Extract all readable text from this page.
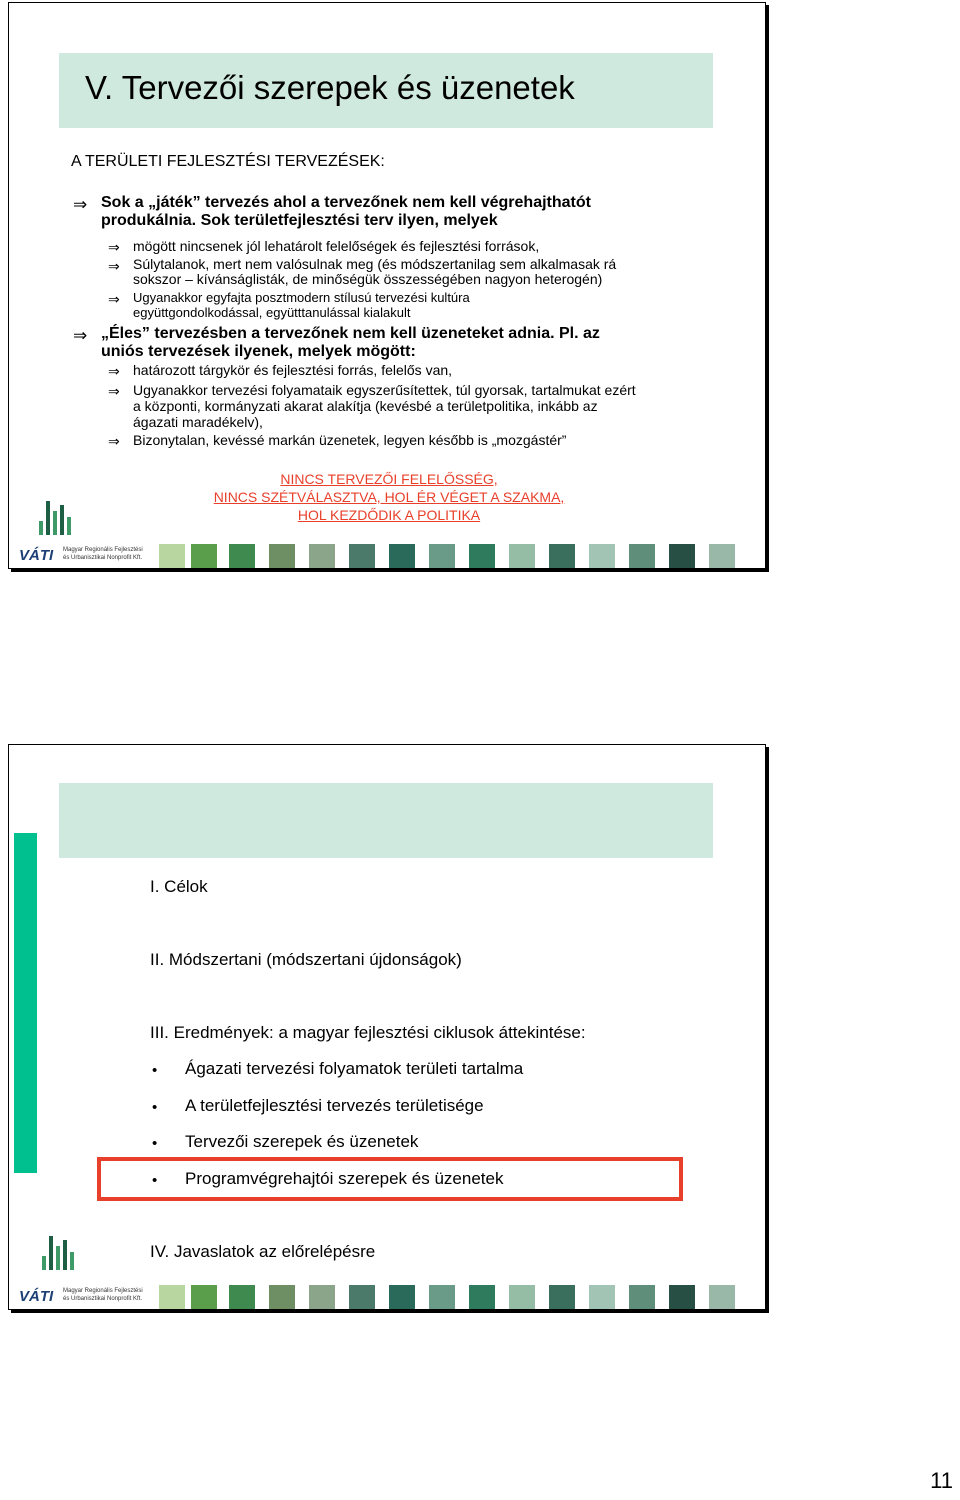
V. Tervezői szerepek és üzenetek
A TERÜLETI FEJLESZTÉSI TERVEZÉSEK:
⇒ Sok a „játék” tervezés ahol a tervezőnek nem kell végrehajthatót
produkálnia. Sok területfejlesztési terv ilyen, melyek
⇒ mögött nincsenek jól lehatárolt felelőségek és fejlesztési források,
⇒ Súlytalanok, mert nem valósulnak meg (és módszertanilag sem alkalmasak rá
sokszor – kívánságlisták, de minőségük összességében nagyon heterogén)
⇒ Ugyanakkor egyfajta posztmodern stílusú tervezési kultúra
együttgondolkodással, együtttanulással kialakult
⇒ „Éles” tervezésben a tervezőnek nem kell üzeneteket adnia. Pl. az
uniós tervezések ilyenek, melyek mögött:
⇒ határozott tárgykör és fejlesztési forrás, felelős van,
⇒ Ugyanakkor tervezési folyamataik egyszerűsítettek, túl gyorsak, tartalmukat ezért
a központi, kormányzati akarat alakítja (kevésbé a területpolitika, inkább az
ágazati maradékelv),
⇒ Bizonytalan, kevéssé markán üzenetek, legyen később is „mozgástér”
NINCS TERVEZŐI FELELŐSSÉG,
NINCS SZÉTVÁLASZTVA, HOL ÉR VÉGET A SZAKMA,
HOL KEZDŐDIK A POLITIKA
VÁTI Magyar Regionális Fejlesztési
és Urbanisztikai Nonprofit Kft.
I. Célok
II. Módszertani (módszertani újdonságok)
III. Eredmények: a magyar fejlesztési ciklusok áttekintése:
• Ágazati tervezési folyamatok területi tartalma
• A területfejlesztési tervezés területisége
• Tervezői szerepek és üzenetek
• Programvégrehajtói szerepek és üzenetek
IV. Javaslatok az előrelépésre
VÁTI Magyar Regionális Fejlesztési
és Urbanisztikai Nonprofit Kft.
11
